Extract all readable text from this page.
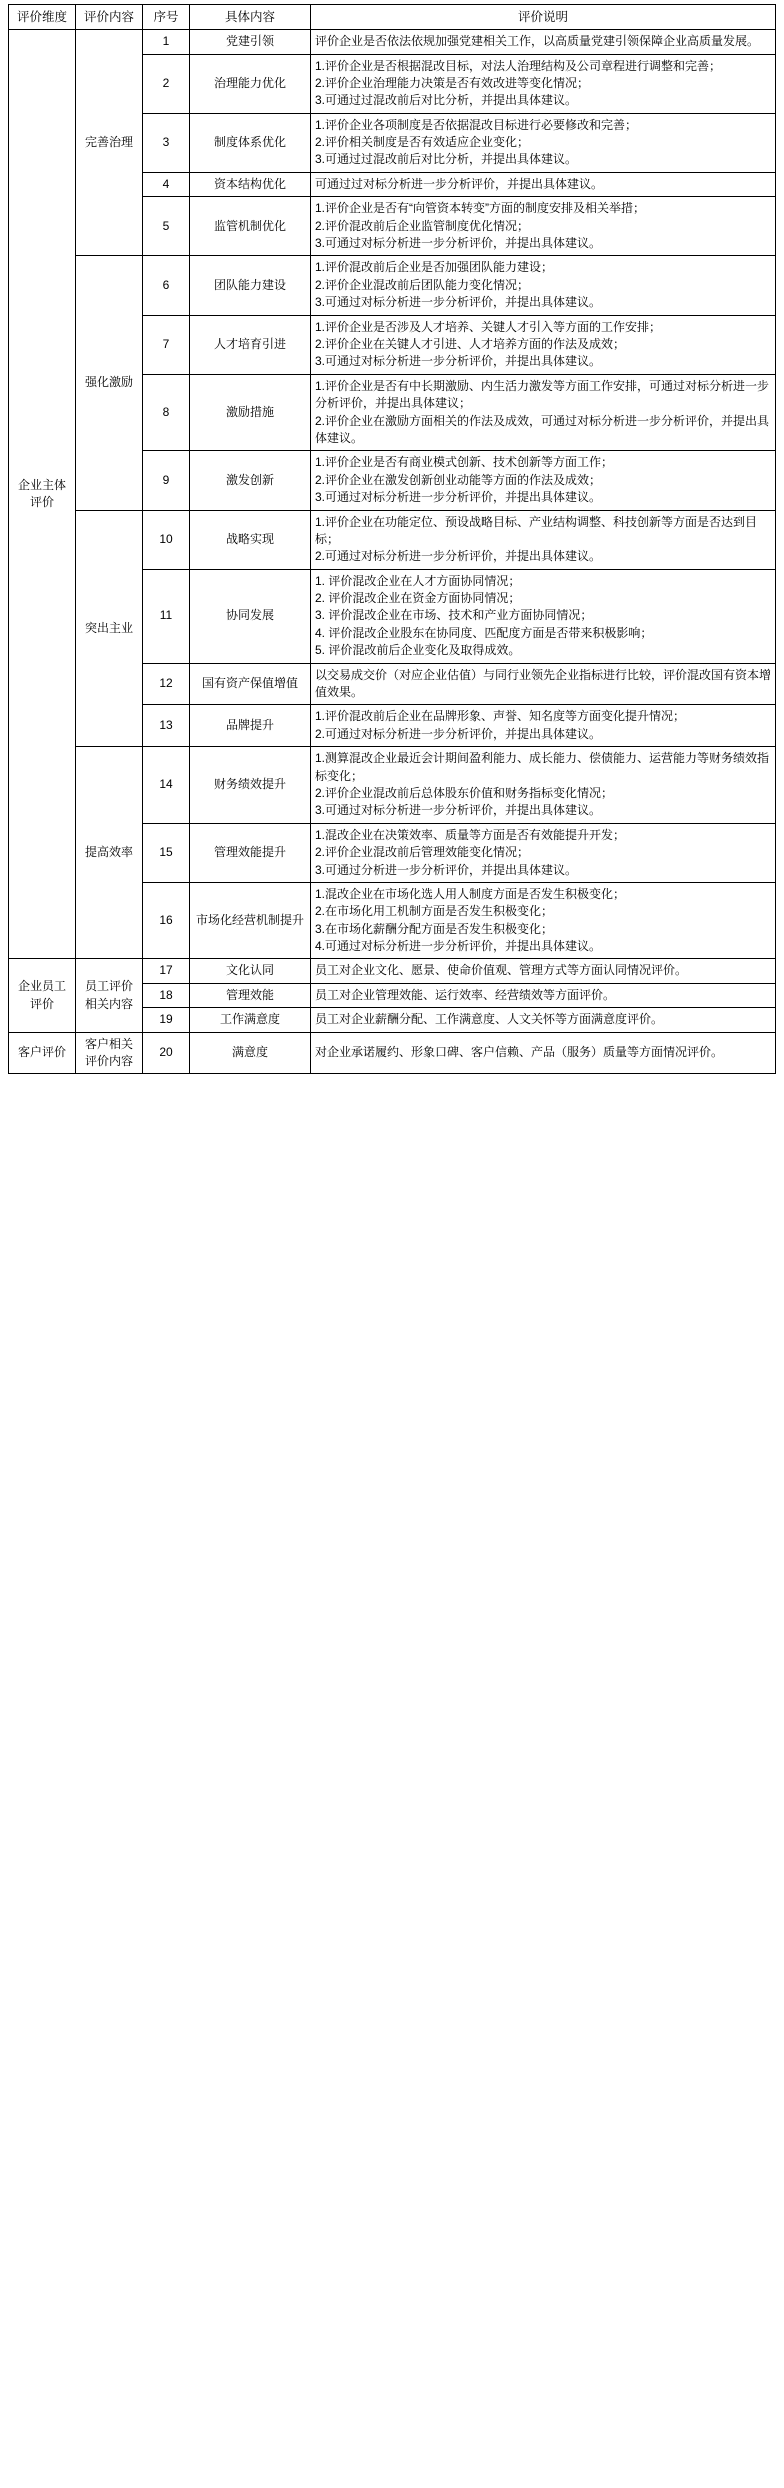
评价维度	评价内容	序号	具体内容	评价说明

企业主体
评价	完善治理	1	党建引领	评价企业是否依法依规加强党建相关工作，以高质量党建引领保障企业高质量发展。

		2	治理能力优化	1.评价企业是否根据混改目标，对法人治理结构及公司章程进行调整和完善；
2.评价企业治理能力决策是否有效改进等变化情况；
3.可通过过混改前后对比分析，并提出具体建议。

		3	制度体系优化	1.评价企业各项制度是否依据混改目标进行必要修改和完善；
2.评价相关制度是否有效适应企业变化；
3.可通过过混改前后对比分析，并提出具体建议。

		4	资本结构优化	可通过过对标分析进一步分析评价，并提出具体建议。

		5	监管机制优化	1.评价企业是否有“向管资本转变”方面的制度安排及相关举措；
2.评价混改前后企业监管制度优化情况；
3.可通过对标分析进一步分析评价，并提出具体建议。

	强化激励	6	团队能力建设	1.评价混改前后企业是否加强团队能力建设；
2.评价企业混改前后团队能力变化情况；
3.可通过对标分析进一步分析评价，并提出具体建议。

		7	人才培育引进	1.评价企业是否涉及人才培养、关键人才引入等方面的工作安排；
2.评价企业在关键人才引进、人才培养方面的作法及成效；
3.可通过对标分析进一步分析评价，并提出具体建议。

		8	激励措施	1.评价企业是否有中长期激励、内生活力激发等方面工作安排，可通过对标分析进一步分析评价，并提出具体建议；
2.评价企业在激励方面相关的作法及成效，可通过对标分析进一步分析评价，并提出具体建议。

		9	激发创新	1.评价企业是否有商业模式创新、技术创新等方面工作；
2.评价企业在激发创新创业动能等方面的作法及成效；
3.可通过对标分析进一步分析评价，并提出具体建议。

	突出主业	10	战略实现	1.评价企业在功能定位、预设战略目标、产业结构调整、科技创新等方面是否达到目标；
2.可通过对标分析进一步分析评价，并提出具体建议。

		11	协同发展	1. 评价混改企业在人才方面协同情况；
2. 评价混改企业在资金方面协同情况；
3. 评价混改企业在市场、技术和产业方面协同情况；
4. 评价混改企业股东在协同度、匹配度方面是否带来积极影响；
5. 评价混改前后企业变化及取得成效。

		12	国有资产保值增值	以交易成交价（对应企业估值）与同行业领先企业指标进行比较，评价混改国有资本增值效果。

		13	品牌提升	1.评价混改前后企业在品牌形象、声誉、知名度等方面变化提升情况；
2.可通过对标分析进一步分析评价，并提出具体建议。

	提高效率	14	财务绩效提升	1.测算混改企业最近会计期间盈利能力、成长能力、偿债能力、运营能力等财务绩效指标变化；
2.评价企业混改前后总体股东价值和财务指标变化情况；
3.可通过对标分析进一步分析评价，并提出具体建议。

		15	管理效能提升	1.混改企业在决策效率、质量等方面是否有效能提升开发；
2.评价企业混改前后管理效能变化情况；
3.可通过分析进一步分析评价，并提出具体建议。

		16	市场化经营机制提升	1.混改企业在市场化选人用人制度方面是否发生积极变化；
2.在市场化用工机制方面是否发生积极变化；
3.在市场化薪酬分配方面是否发生积极变化；
4.可通过对标分析进一步分析评价，并提出具体建议。

企业员工
评价	员工评价相关内容	17	文化认同	员工对企业文化、愿景、使命价值观、管理方式等方面认同情况评价。

		18	管理效能	员工对企业管理效能、运行效率、经营绩效等方面评价。

		19	工作满意度	员工对企业薪酬分配、工作满意度、人文关怀等方面满意度评价。

客户评价	客户相关评价内容	20	满意度	对企业承诺履约、形象口碑、客户信赖、产品（服务）质量等方面情况评价。
